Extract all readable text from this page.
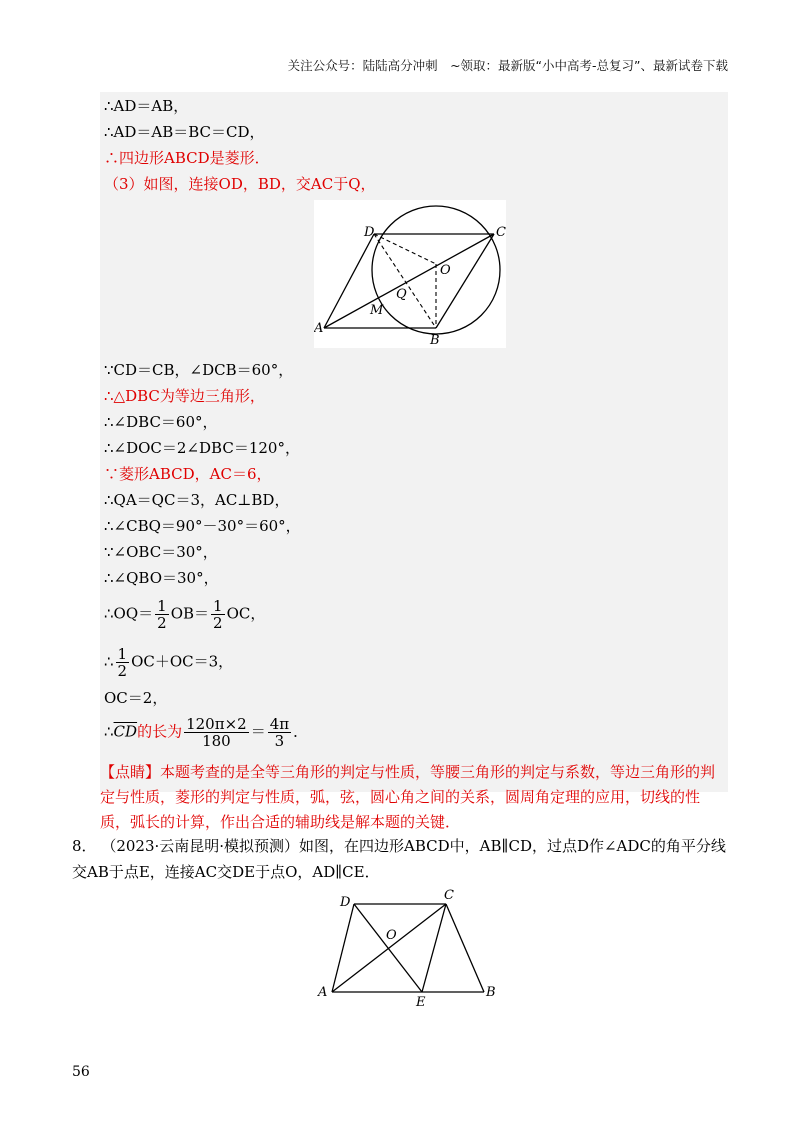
关注公众号：陆陆高分冲刺　~领取：最新版“小中高考-总复习”、最新试卷下载
∴AD＝AB，
∴AD＝AB＝BC＝CD，
∴四边形ABCD是菱形．
（3）如图，连接OD，BD，交AC于Q，
D	C
O
Q
M
A
B
∵CD＝CB，∠DCB＝60°，
∴△DBC为等边三角形，
∴∠DBC＝60°，
∴∠DOC＝2∠DBC＝120°，
∵菱形ABCD，AC＝6，
∴QA＝QC＝3，AC⊥BD，
∴∠CBQ＝90°－30°＝60°，
∵∠OBC＝30°，
∴∠QBO＝30°，
∴OQ＝ $\frac{1}{2} OB= \frac{1}{2}$ OC，
∴ $\frac{1}{2} OC+OC=3$，
OC＝2，
$\therefore\overline{CD}$的长为 $\frac{120\pi\times 2}{180} = \frac{4\pi}{3}$ ．
【点睛】本题考查的是全等三角形的判定与性质，等腰三角形的判定与系数，等边三角形的判定与性质，菱形的判定与性质，弧，弦，圆心角之间的关系，圆周角定理的应用，切线的性质，弧长的计算，作出合适的辅助线是解本题的关键．
8． （2023·云南昆明·模拟预测）如图，在四边形ABCD中，AB∥CD，过点D作∠ADC的角平分线交AB于点E，连接AC交DE于点O，AD∥CE．
D	C
O
A
E
B
56
